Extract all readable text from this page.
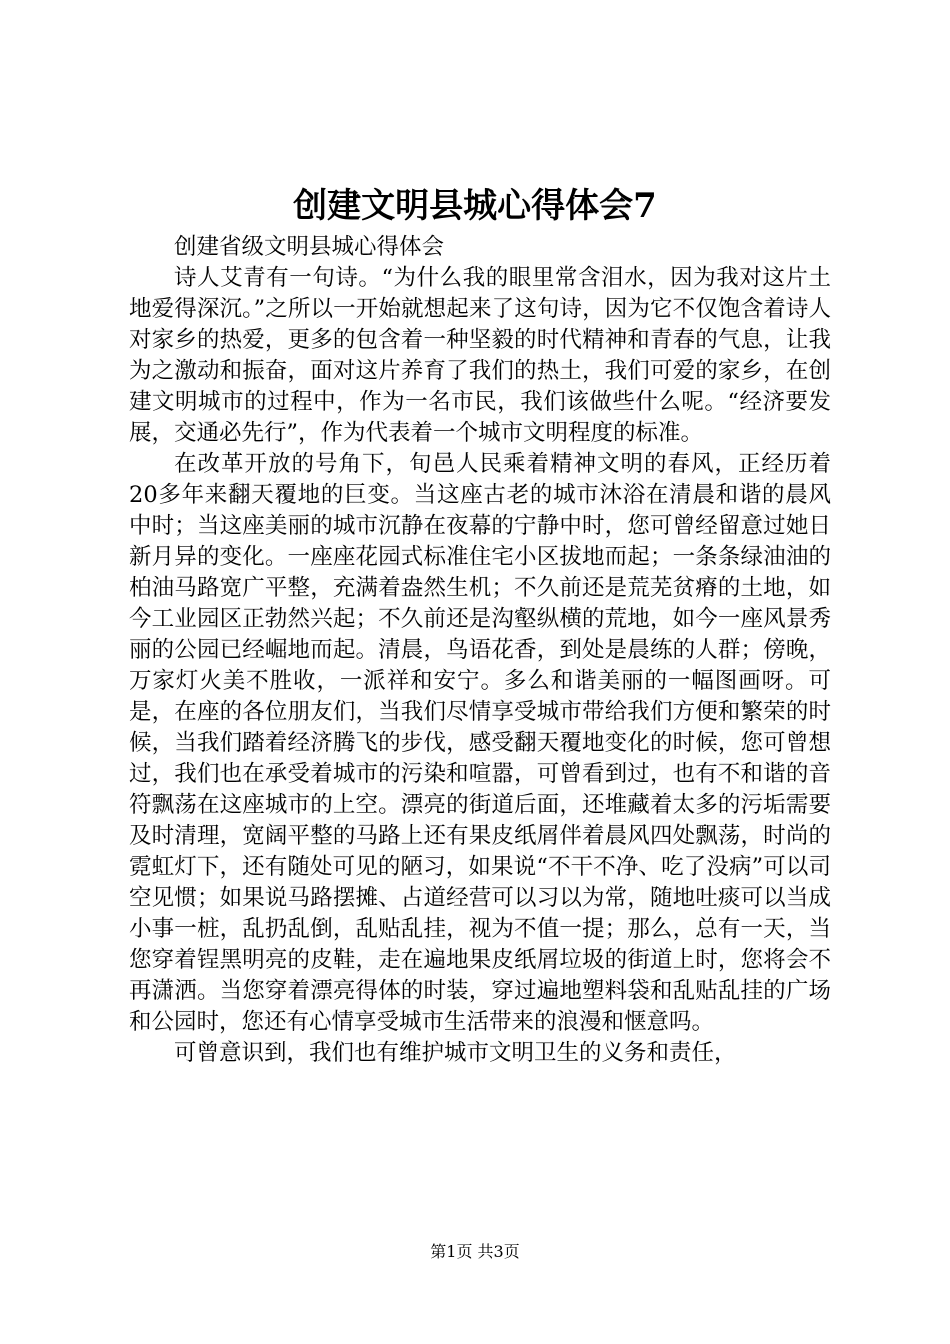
创建文明县城心得体会7

创建省级文明县城心得体会

诗人艾青有一句诗。“为什么我的眼里常含泪水，因为我对这片土地爱得深沉。”之所以一开始就想起来了这句诗，因为它不仅饱含着诗人对家乡的热爱，更多的包含着一种坚毅的时代精神和青春的气息，让我为之激动和振奋，面对这片养育了我们的热土，我们可爱的家乡，在创建文明城市的过程中，作为一名市民，我们该做些什么呢。“经济要发展，交通必先行”，作为代表着一个城市文明程度的标准。

在改革开放的号角下，旬邑人民乘着精神文明的春风，正经历着20多年来翻天覆地的巨变。当这座古老的城市沐浴在清晨和谐的晨风中时；当这座美丽的城市沉静在夜幕的宁静中时，您可曾经留意过她日新月异的变化。一座座花园式标准住宅小区拔地而起；一条条绿油油的柏油马路宽广平整，充满着盎然生机；不久前还是荒芜贫瘠的土地，如今工业园区正勃然兴起；不久前还是沟壑纵横的荒地，如今一座风景秀丽的公园已经崛地而起。清晨，鸟语花香，到处是晨练的人群；傍晚，万家灯火美不胜收，一派祥和安宁。多么和谐美丽的一幅图画呀。可是，在座的各位朋友们，当我们尽情享受城市带给我们方便和繁荣的时候，当我们踏着经济腾飞的步伐，感受翻天覆地变化的时候，您可曾想过，我们也在承受着城市的污染和喧嚣，可曾看到过，也有不和谐的音符飘荡在这座城市的上空。漂亮的街道后面，还堆藏着太多的污垢需要及时清理，宽阔平整的马路上还有果皮纸屑伴着晨风四处飘荡，时尚的霓虹灯下，还有随处可见的陋习，如果说“不干不净、吃了没病”可以司空见惯；如果说马路摆摊、占道经营可以习以为常，随地吐痰可以当成小事一桩，乱扔乱倒，乱贴乱挂，视为不值一提；那么，总有一天，当您穿着锃黑明亮的皮鞋，走在遍地果皮纸屑垃圾的街道上时，您将会不再潇洒。当您穿着漂亮得体的时装，穿过遍地塑料袋和乱贴乱挂的广场和公园时，您还有心情享受城市生活带来的浪漫和惬意吗。

可曾意识到，我们也有维护城市文明卫生的义务和责任，

第1页 共3页
